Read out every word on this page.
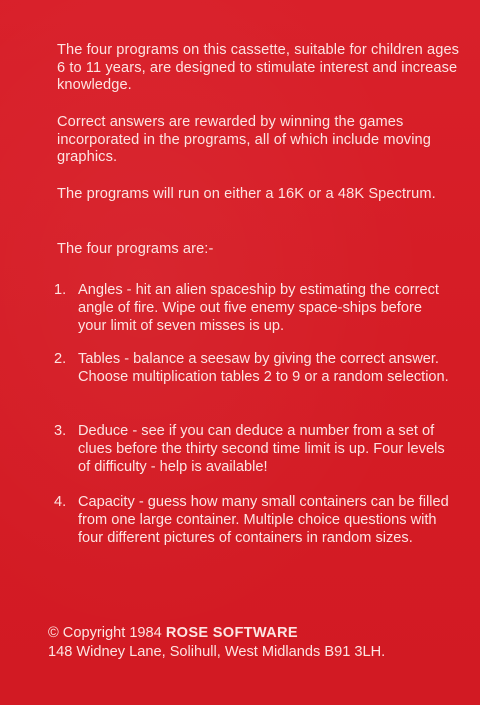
The four programs on this cassette, suitable for children ages 6 to 11 years, are designed to stimulate interest and increase knowledge.

Correct answers are rewarded by winning the games incorporated in the programs, all of which include moving graphics.

The programs will run on either a 16K or a 48K Spectrum.

The four programs are:-

1. Angles - hit an alien spaceship by estimating the correct angle of fire. Wipe out five enemy space-ships before your limit of seven misses is up.
2. Tables - balance a seesaw by giving the correct answer. Choose multiplication tables 2 to 9 or a random selection.
3. Deduce - see if you can deduce a number from a set of clues before the thirty second time limit is up. Four levels of difficulty - help is available!
4. Capacity - guess how many small containers can be filled from one large container. Multiple choice questions with four different pictures of containers in random sizes.
© Copyright 1984 ROSE SOFTWARE
148 Widney Lane, Solihull, West Midlands B91 3LH.
